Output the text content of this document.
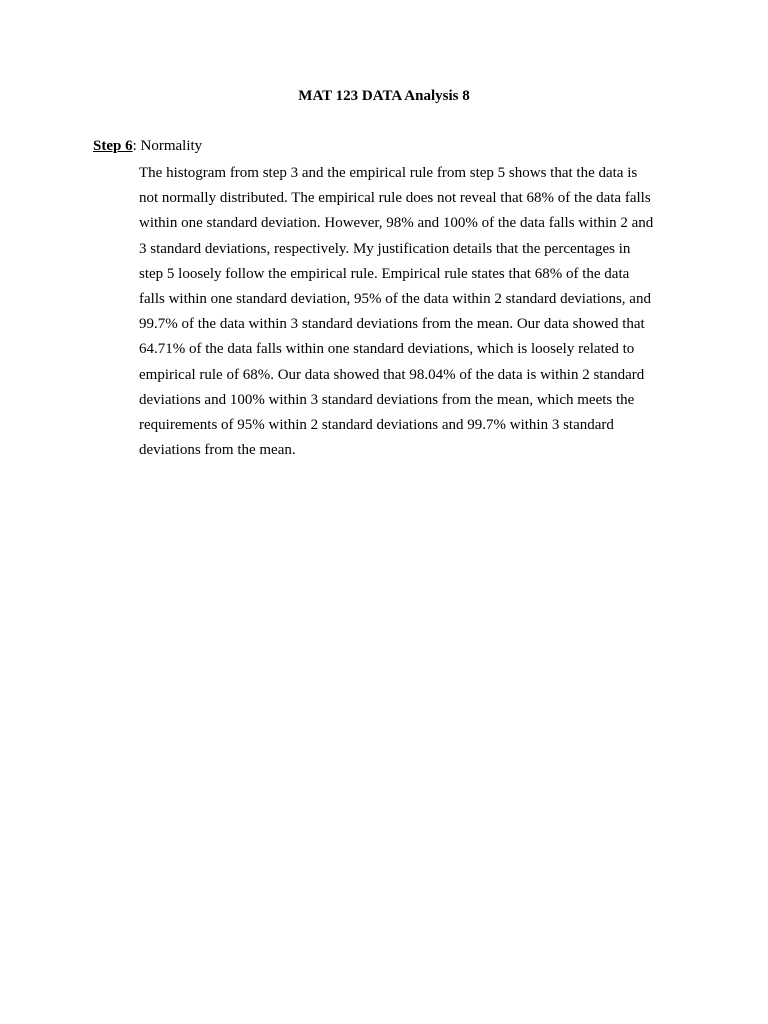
MAT 123 DATA Analysis 8
Step 6: Normality

The histogram from step 3 and the empirical rule from step 5 shows that the data is
not normally distributed. The empirical rule does not reveal that 68% of the data falls
within one standard deviation. However, 98% and 100% of the data falls within 2 and
3 standard deviations, respectively. My justification details that the percentages in
step 5 loosely follow the empirical rule. Empirical rule states that 68% of the data
falls within one standard deviation, 95% of the data within 2 standard deviations, and
99.7% of the data within 3 standard deviations from the mean. Our data showed that
64.71% of the data falls within one standard deviations, which is loosely related to
empirical rule of 68%. Our data showed that 98.04% of the data is within 2 standard
deviations and 100% within 3 standard deviations from the mean, which meets the
requirements of 95% within 2 standard deviations and 99.7% within 3 standard
deviations from the mean.
